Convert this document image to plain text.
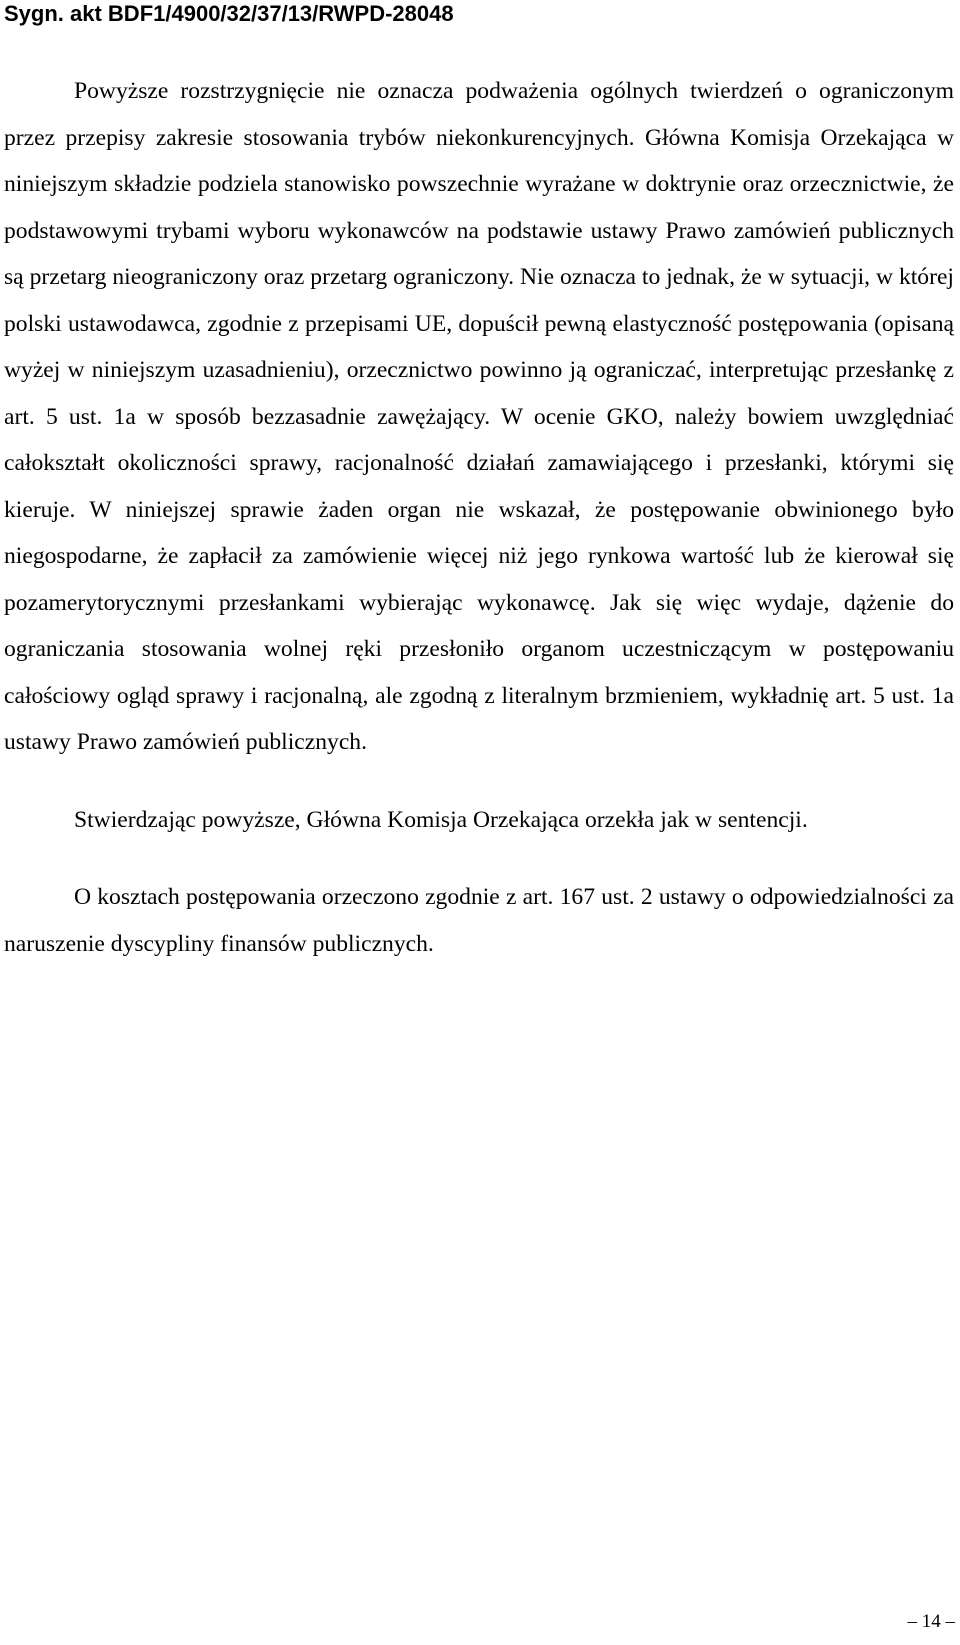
Sygn. akt BDF1/4900/32/37/13/RWPD-28048

Powyższe rozstrzygnięcie nie oznacza podważenia ogólnych twierdzeń o ograniczonym przez przepisy zakresie stosowania trybów niekonkurencyjnych. Główna Komisja Orzekająca w niniejszym składzie podziela stanowisko powszechnie wyrażane w doktrynie oraz orzecznictwie, że podstawowymi trybami wyboru wykonawców na podstawie ustawy Prawo zamówień publicznych są przetarg nieograniczony oraz przetarg ograniczony. Nie oznacza to jednak, że w sytuacji, w której polski ustawodawca, zgodnie z przepisami UE, dopuścił pewną elastyczność postępowania (opisaną wyżej w niniejszym uzasadnieniu), orzecznictwo powinno ją ograniczać, interpretując przesłankę z art. 5 ust. 1a w sposób bezzasadnie zawężający. W ocenie GKO, należy bowiem uwzględniać całokształt okoliczności sprawy, racjonalność działań zamawiającego i przesłanki, którymi się kieruje. W niniejszej sprawie żaden organ nie wskazał, że postępowanie obwinionego było niegospodarne, że zapłacił za zamówienie więcej niż jego rynkowa wartość lub że kierował się pozamerytorycznymi przesłankami wybierając wykonawcę. Jak się więc wydaje, dążenie do ograniczania stosowania wolnej ręki przesłoniło organom uczestniczącym w postępowaniu całościowy ogląd sprawy i racjonalną, ale zgodną z literalnym brzmieniem, wykładnię art. 5 ust. 1a ustawy Prawo zamówień publicznych.

Stwierdzając powyższe, Główna Komisja Orzekająca orzekła jak w sentencji.

O kosztach postępowania orzeczono zgodnie z art. 167 ust. 2 ustawy o odpowiedzialności za naruszenie dyscypliny finansów publicznych.

– 14 –
